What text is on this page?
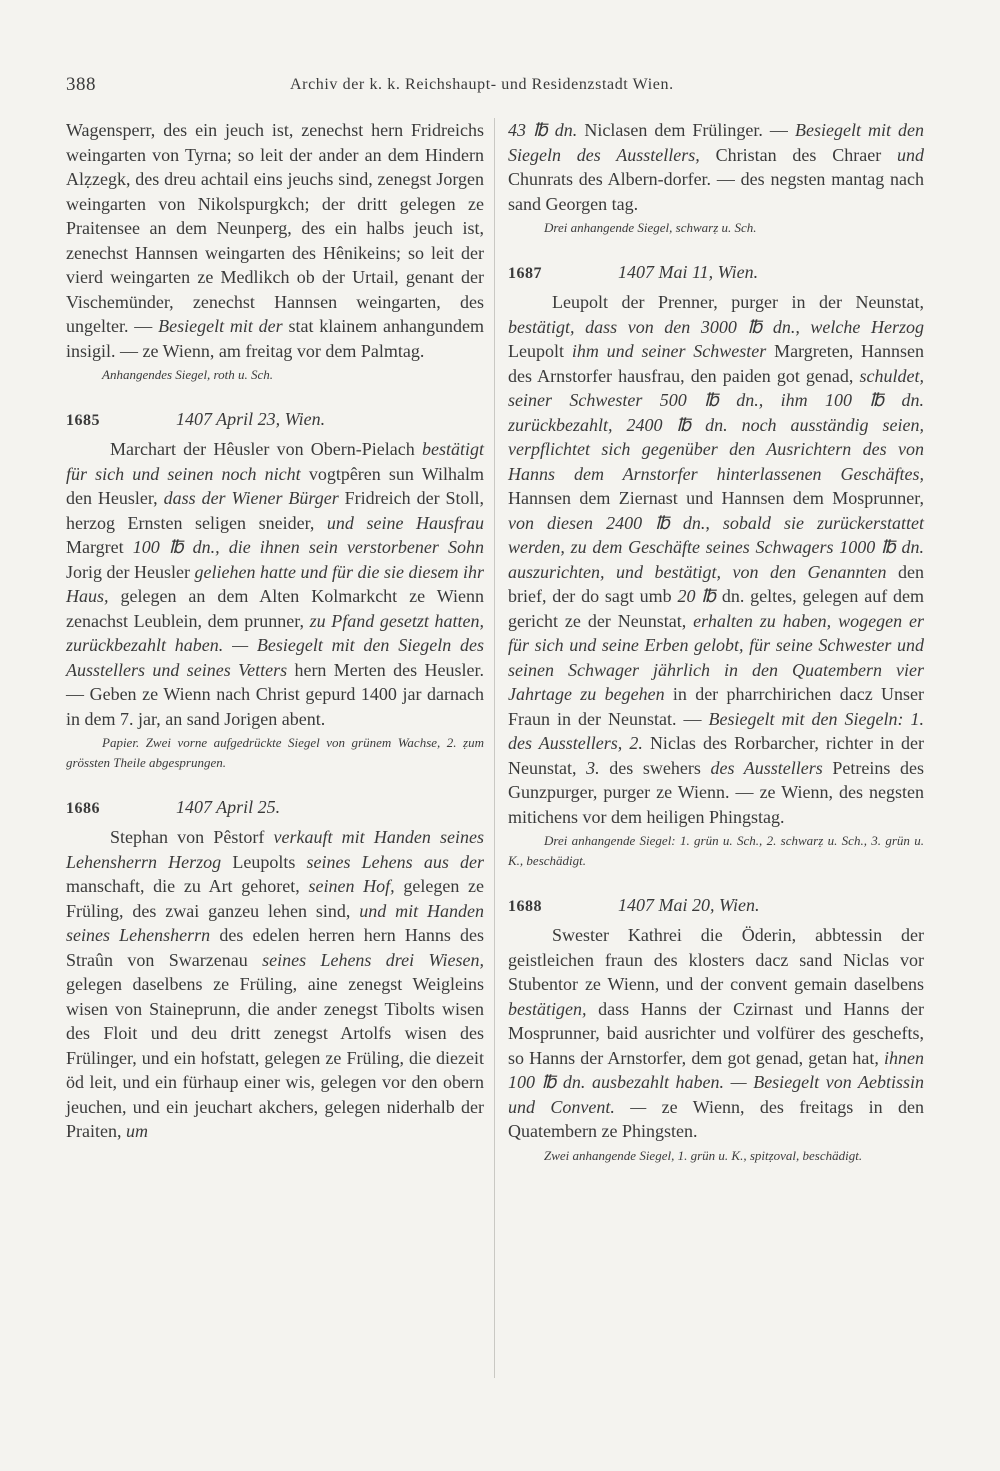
388	Archiv der k. k. Reichshaupt- und Residenzstadt Wien.

Wagensperr, des ein jeuch ist, zenechst hern Fridreichs weingarten von Tyrna; so leit der ander an dem Hindern Alẓzegk, des dreu achtail eins jeuchs sind, zenegst Jorgen weingarten von Nikolspurgkch; der dritt gelegen ze Praitensee an dem Neunperg, des ein halbs jeuch ist, zenechst Hannsen weingarten des Hênikeins; so leit der vierd weingarten ze Medlikch ob der Urtail, genant der Vischemünder, zenechst Hannsen weingarten, des ungelter. — Besiegelt mit der stat klainem anhangundem insigil. — ze Wienn, am freitag vor dem Palmtag.

Anhangendes Siegel, roth u. Sch.
1685	1407 April 23, Wien.

Marchart der Hêusler von Obern-Pielach bestätigt für sich und seinen noch nicht vogtpêren sun Wilhalm den Heusler, dass der Wiener Bürger Fridreich der Stoll, herzog Ernsten seligen sneider, und seine Hausfrau Margret 100 ℔ dn., die ihnen sein verstorbener Sohn Jorig der Heusler geliehen hatte und für die sie diesem ihr Haus, gelegen an dem Alten Kolmarkcht ze Wienn zenachst Leublein, dem prunner, zu Pfand gesetzt hatten, zurückbezahlt haben. — Besiegelt mit den Siegeln des Ausstellers und seines Vetters hern Merten des Heusler. — Geben ze Wienn nach Christ gepurd 1400 jar darnach in dem 7. jar, an sand Jorigen abent.

Papier. Zwei vorne aufgedrückte Siegel von grünem Wachse, 2. ẓum grössten Theile abgesprungen.
1686	1407 April 25.

Stephan von Pêstorf verkauft mit Handen seines Lehensherrn Herzog Leupolts seines Lehens aus der manschaft, die zu Art gehoret, seinen Hof, gelegen ze Früling, des zwai ganzeu lehen sind, und mit Handen seines Lehensherrn des edelen herren hern Hanns des Straûn von Swarzenau seines Lehens drei Wiesen, gelegen daselbens ze Früling, aine zenegst Weigleins wisen von Staineprunn, die ander zenegst Tibolts wisen des Floit und deu dritt zenegst Artolfs wisen des Frülinger, und ein hofstatt, gelegen ze Früling, die diezeit öd leit, und ein fürhaup einer wis, gelegen vor den obern jeuchen, und ein jeuchart akchers, gelegen niderhalb der Praiten, um

43 ℔ dn. Niclasen dem Frülinger. — Besiegelt mit den Siegeln des Ausstellers, Christan des Chraer und Chunrats des Albern-dorfer. — des negsten mantag nach sand Georgen tag.

Drei anhangende Siegel, schwarẓ u. Sch.
1687	1407 Mai 11, Wien.

Leupolt der Prenner, purger in der Neunstat, bestätigt, dass von den 3000 ℔ dn., welche Herzog Leupolt ihm und seiner Schwester Margreten, Hannsen des Arnstorfer hausfrau, den paiden got genad, schuldet, seiner Schwester 500 ℔ dn., ihm 100 ℔ dn. zurückbezahlt, 2400 ℔ dn. noch ausständig seien, verpflichtet sich gegenüber den Ausrichtern des von Hanns dem Arnstorfer hinterlassenen Geschäftes, Hannsen dem Ziernast und Hannsen dem Mosprunner, von diesen 2400 ℔ dn., sobald sie zurückerstattet werden, zu dem Geschäfte seines Schwagers 1000 ℔ dn. auszurichten, und bestätigt, von den Genannten den brief, der do sagt umb 20 ℔ dn. geltes, gelegen auf dem gericht ze der Neunstat, erhalten zu haben, wogegen er für sich und seine Erben gelobt, für seine Schwester und seinen Schwager jährlich in den Quatembern vier Jahrtage zu begehen in der pharrchirichen dacz Unser Fraun in der Neunstat. — Besiegelt mit den Siegeln: 1. des Ausstellers, 2. Niclas des Rorbarcher, richter in der Neunstat, 3. des swehers des Ausstellers Petreins des Gunzpurger, purger ze Wienn. — ze Wienn, des negsten mitichens vor dem heiligen Phingstag.

Drei anhangende Siegel: 1. grün u. Sch., 2. schwarẓ u. Sch., 3. grün u. K., beschädigt.
1688	1407 Mai 20, Wien.

Swester Kathrei die Öderin, abbtessin der geistleichen fraun des klosters dacz sand Niclas vor Stubentor ze Wienn, und der convent gemain daselbens bestätigen, dass Hanns der Czirnast und Hanns der Mosprunner, baid ausrichter und volfürer des geschefts, so Hanns der Arnstorfer, dem got genad, getan hat, ihnen 100 ℔ dn. ausbezahlt haben. — Besiegelt von Aebtissin und Convent. — ze Wienn, des freitags in den Quatembern ze Phingsten.

Zwei anhangende Siegel, 1. grün u. K., spitẓoval, beschädigt.
